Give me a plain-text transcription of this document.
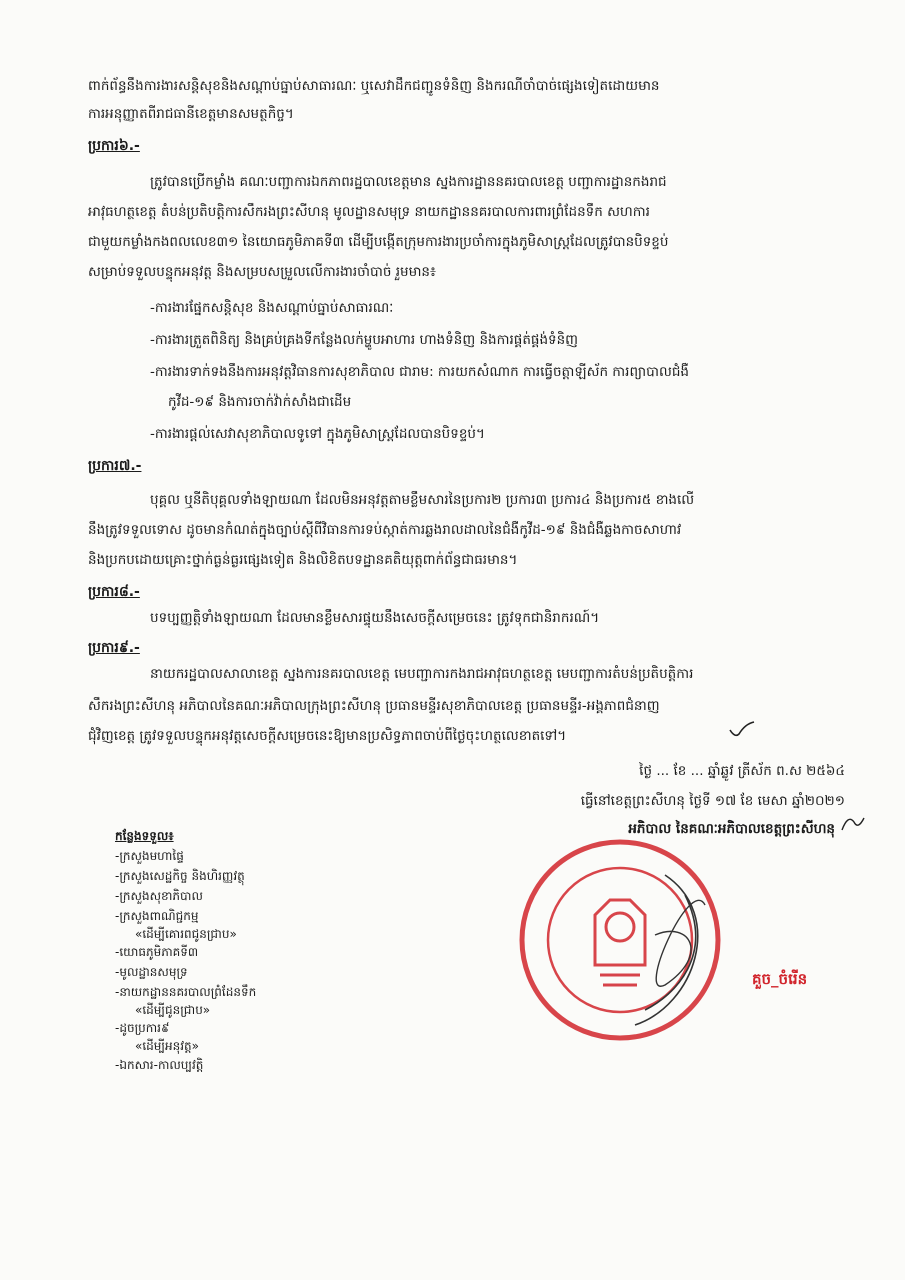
ពាក់ព័ន្ធនឹងការងារសន្តិសុខនិងសណ្តាប់ធ្នាប់សាធារណៈ ឬសេវាដឹកជញ្ជូនទំនិញ និងករណីចាំបាច់ផ្សេងទៀតដោយមាន
ការអនុញ្ញាតពីរាជធានីខេត្តមានសមត្ថកិច្ច។
ប្រការ៦.-
ត្រូវបានប្រើកម្លាំង គណៈបញ្ជាការឯកភាពរដ្ឋបាលខេត្តមាន ស្នងការដ្ឋាននគរបាលខេត្ត បញ្ជាការដ្ឋានកងរាជ
អាវុធហត្ថខេត្ត តំបន់ប្រតិបត្តិការសឹករងព្រះសីហនុ មូលដ្ឋានសមុទ្រ នាយកដ្ឋាននគរបាលការពារព្រំដែនទឹក សហការ
ជាមួយកម្លាំងកងពលលេខ៣១ នៃយោធភូមិភាគទី៣ ដើម្បីបង្កើតក្រុមការងារប្រចាំការក្នុងភូមិសាស្ត្រដែលត្រូវបានបិទខ្ទប់
សម្រាប់ទទួលបន្ទុកអនុវត្ត និងសម្របសម្រួលលើការងារចាំបាច់ រួមមាន៖
-ការងារផ្នែកសន្តិសុខ និងសណ្តាប់ធ្នាប់សាធារណៈ
-ការងារត្រួតពិនិត្យ និងគ្រប់គ្រងទីកន្លែងលក់ម្ហូបអាហារ ហាងទំនិញ និងការផ្គត់ផ្គង់ទំនិញ
-ការងារទាក់ទងនឹងការអនុវត្តវិធានការសុខាភិបាល ជារាម: ការយកសំណាក ការធ្វើចត្តាឡីស័ក ការព្យាបាលជំងឺ
កូវីដ-១៩ និងការចាក់វ៉ាក់សាំងជាដើម
-ការងារផ្តល់សេវាសុខាភិបាលទូទៅ ក្នុងភូមិសាស្ត្រដែលបានបិទខ្ទប់។
ប្រការ៧.-
បុគ្គល ឬនីតិបុគ្គលទាំងឡាយណា ដែលមិនអនុវត្តតាមខ្លឹមសារនៃប្រការ២ ប្រការ៣ ប្រការ៤ និងប្រការ៥ ខាងលើ
នឹងត្រូវទទួលទោស ដូចមានកំណត់ក្នុងច្បាប់ស្តីពីវិធានការទប់ស្កាត់ការឆ្លងរាលដាលនៃជំងឺកូវីដ-១៩ និងជំងឺឆ្លងកាចសាហាវ
និងប្រកបដោយគ្រោះថ្នាក់ធ្ងន់ធ្ងរផ្សេងទៀត និងលិខិតបទដ្ឋានគតិយុត្តពាក់ព័ន្ធជាធរមាន។
ប្រការ៨.-
បទប្បញ្ញត្តិទាំងឡាយណា ដែលមានខ្លឹមសារផ្ទុយនឹងសេចក្តីសម្រេចនេះ ត្រូវទុកជានិរាករណ៍។
ប្រការ៩.-
នាយករដ្ឋបាលសាលាខេត្ត ស្នងការនគរបាលខេត្ត មេបញ្ជាការកងរាជអាវុធហត្ថខេត្ត មេបញ្ជាការតំបន់ប្រតិបត្តិការ
សឹករងព្រះសីហនុ អភិបាលនៃគណៈអភិបាលក្រុងព្រះសីហនុ ប្រធានមន្ទីរសុខាភិបាលខេត្ត ប្រធានមន្ទីរ-អង្គភាពជំនាញ
ជុំវិញខេត្ត ត្រូវទទួលបន្ទុកអនុវត្តសេចក្តីសម្រេចនេះឱ្យមានប្រសិទ្ធភាពចាប់ពីថ្ងៃចុះហត្ថលេខាតទៅ។
ថ្ងៃ ... ខែ ... ឆ្នាំឆ្លូវ ត្រីស័ក ព.ស ២៥៦៤
ធ្វើនៅខេត្តព្រះសីហនុ ថ្ងៃទី ១៧ ខែ មេសា ឆ្នាំ២០២១
អភិបាល នៃគណៈអភិបាលខេត្តព្រះសីហនុ
គួច_ចំរើន
កន្លែងទទួល៖
-ក្រសួងមហាផ្ទៃ
-ក្រសួងសេដ្ឋកិច្ច និងហិរញ្ញវត្ថុ
-ក្រសួងសុខាភិបាល
-ក្រសួងពាណិជ្ជកម្ម
«ដើម្បីគោរពជូនជ្រាប»
-យោធភូមិភាគទី៣
-មូលដ្ឋានសមុទ្រ
-នាយកដ្ឋាននគរបាលព្រំដែនទឹក
«ដើម្បីជូនជ្រាប»
-ដូចប្រការ៩
«ដើម្បីអនុវត្ត»
-ឯកសារ-កាលប្បវត្តិ
